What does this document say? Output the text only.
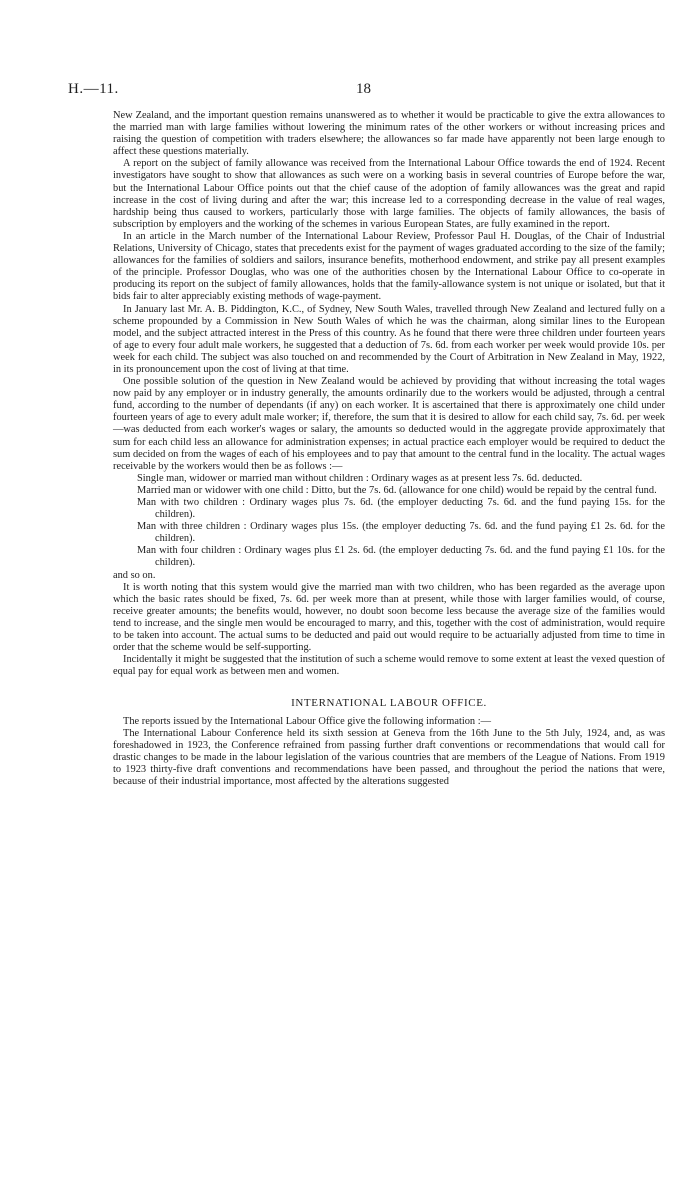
H.—11.	18

New Zealand, and the important question remains unanswered as to whether it would be practicable to give the extra allowances to the married man with large families without lowering the minimum rates of the other workers or without increasing prices and raising the question of competition with traders elsewhere; the allowances so far made have apparently not been large enough to affect these questions materially.

A report on the subject of family allowance was received from the International Labour Office towards the end of 1924. Recent investigators have sought to show that allowances as such were on a working basis in several countries of Europe before the war, but the International Labour Office points out that the chief cause of the adoption of family allowances was the great and rapid increase in the cost of living during and after the war; this increase led to a corresponding decrease in the value of real wages, hardship being thus caused to workers, particularly those with large families. The objects of family allowances, the basis of subscription by employers and the working of the schemes in various European States, are fully examined in the report.

In an article in the March number of the International Labour Review, Professor Paul H. Douglas, of the Chair of Industrial Relations, University of Chicago, states that precedents exist for the payment of wages graduated according to the size of the family; allowances for the families of soldiers and sailors, insurance benefits, motherhood endowment, and strike pay all present examples of the principle. Professor Douglas, who was one of the authorities chosen by the International Labour Office to co-operate in producing its report on the subject of family allowances, holds that the family-allowance system is not unique or isolated, but that it bids fair to alter appreciably existing methods of wage-payment.

In January last Mr. A. B. Piddington, K.C., of Sydney, New South Wales, travelled through New Zealand and lectured fully on a scheme propounded by a Commission in New South Wales of which he was the chairman, along similar lines to the European model, and the subject attracted interest in the Press of this country. As he found that there were three children under fourteen years of age to every four adult male workers, he suggested that a deduction of 7s. 6d. from each worker per week would provide 10s. per week for each child. The subject was also touched on and recommended by the Court of Arbitration in New Zealand in May, 1922, in its pronouncement upon the cost of living at that time.

One possible solution of the question in New Zealand would be achieved by providing that without increasing the total wages now paid by any employer or in industry generally, the amounts ordinarily due to the workers would be adjusted, through a central fund, according to the number of dependants (if any) on each worker. It is ascertained that there is approximately one child under fourteen years of age to every adult male worker; if, therefore, the sum that it is desired to allow for each child say, 7s. 6d. per week—was deducted from each worker's wages or salary, the amounts so deducted would in the aggregate provide approximately that sum for each child less an allowance for administration expenses; in actual practice each employer would be required to deduct the sum decided on from the wages of each of his employees and to pay that amount to the central fund in the locality. The actual wages receivable by the workers would then be as follows :—

Single man, widower or married man without children : Ordinary wages as at present less 7s. 6d. deducted.
Married man or widower with one child : Ditto, but the 7s. 6d. (allowance for one child) would be repaid by the central fund.
Man with two children : Ordinary wages plus 7s. 6d. (the employer deducting 7s. 6d. and the fund paying 15s. for the children).
Man with three children : Ordinary wages plus 15s. (the employer deducting 7s. 6d. and the fund paying £1 2s. 6d. for the children).
Man with four children : Ordinary wages plus £1 2s. 6d. (the employer deducting 7s. 6d. and the fund paying £1 10s. for the children).

and so on.

It is worth noting that this system would give the married man with two children, who has been regarded as the average upon which the basic rates should be fixed, 7s. 6d. per week more than at present, while those with larger families would, of course, receive greater amounts; the benefits would, however, no doubt soon become less because the average size of the families would tend to increase, and the single men would be encouraged to marry, and this, together with the cost of administration, would require to be taken into account. The actual sums to be deducted and paid out would require to be actuarially adjusted from time to time in order that the scheme would be self-supporting.

Incidentally it might be suggested that the institution of such a scheme would remove to some extent at least the vexed question of equal pay for equal work as between men and women.

INTERNATIONAL LABOUR OFFICE.

The reports issued by the International Labour Office give the following information :—

The International Labour Conference held its sixth session at Geneva from the 16th June to the 5th July, 1924, and, as was foreshadowed in 1923, the Conference refrained from passing further draft conventions or recommendations that would call for drastic changes to be made in the labour legislation of the various countries that are members of the League of Nations. From 1919 to 1923 thirty-five draft conventions and recommendations have been passed, and throughout the period the nations that were, because of their industrial importance, most affected by the alterations suggested
